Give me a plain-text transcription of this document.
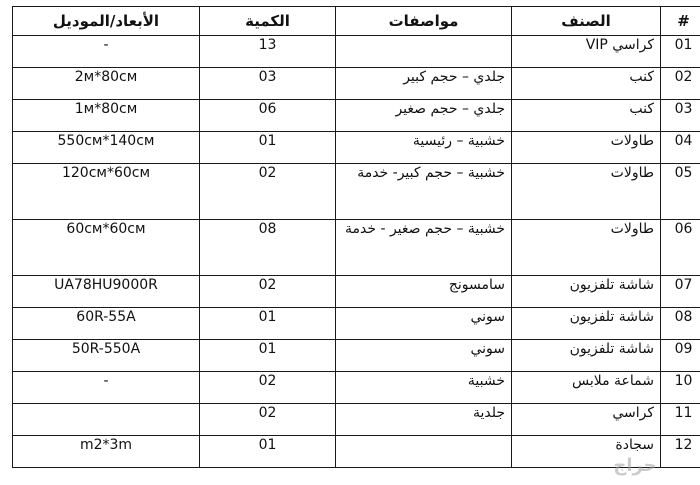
الأبعاد/الموديل	الكمية	مواصفات	الصنف	#
-	13		كراسي VIP	01
2м*80см	03	جلدي – حجم كبير	كنب	02
1м*80см	06	جلدي – حجم صغير	كنب	03
550см*140см	01	خشبية – رئيسية	طاولات	04
120см*60см	02	خشبية – حجم كبير- خدمة	طاولات	05
60см*60см	08	خشبية – حجم صغير - خدمة	طاولات	06
UA78HU9000R	02	سامسونج	شاشة تلفزيون	07
60R-55A	01	سوني	شاشة تلفزيون	08
50R-550A	01	سوني	شاشة تلفزيون	09
-	02	خشبية	شماعة ملابس	10
	02	جلدية	كراسي	11
m2*3m	01		سجادة	12
حراج
